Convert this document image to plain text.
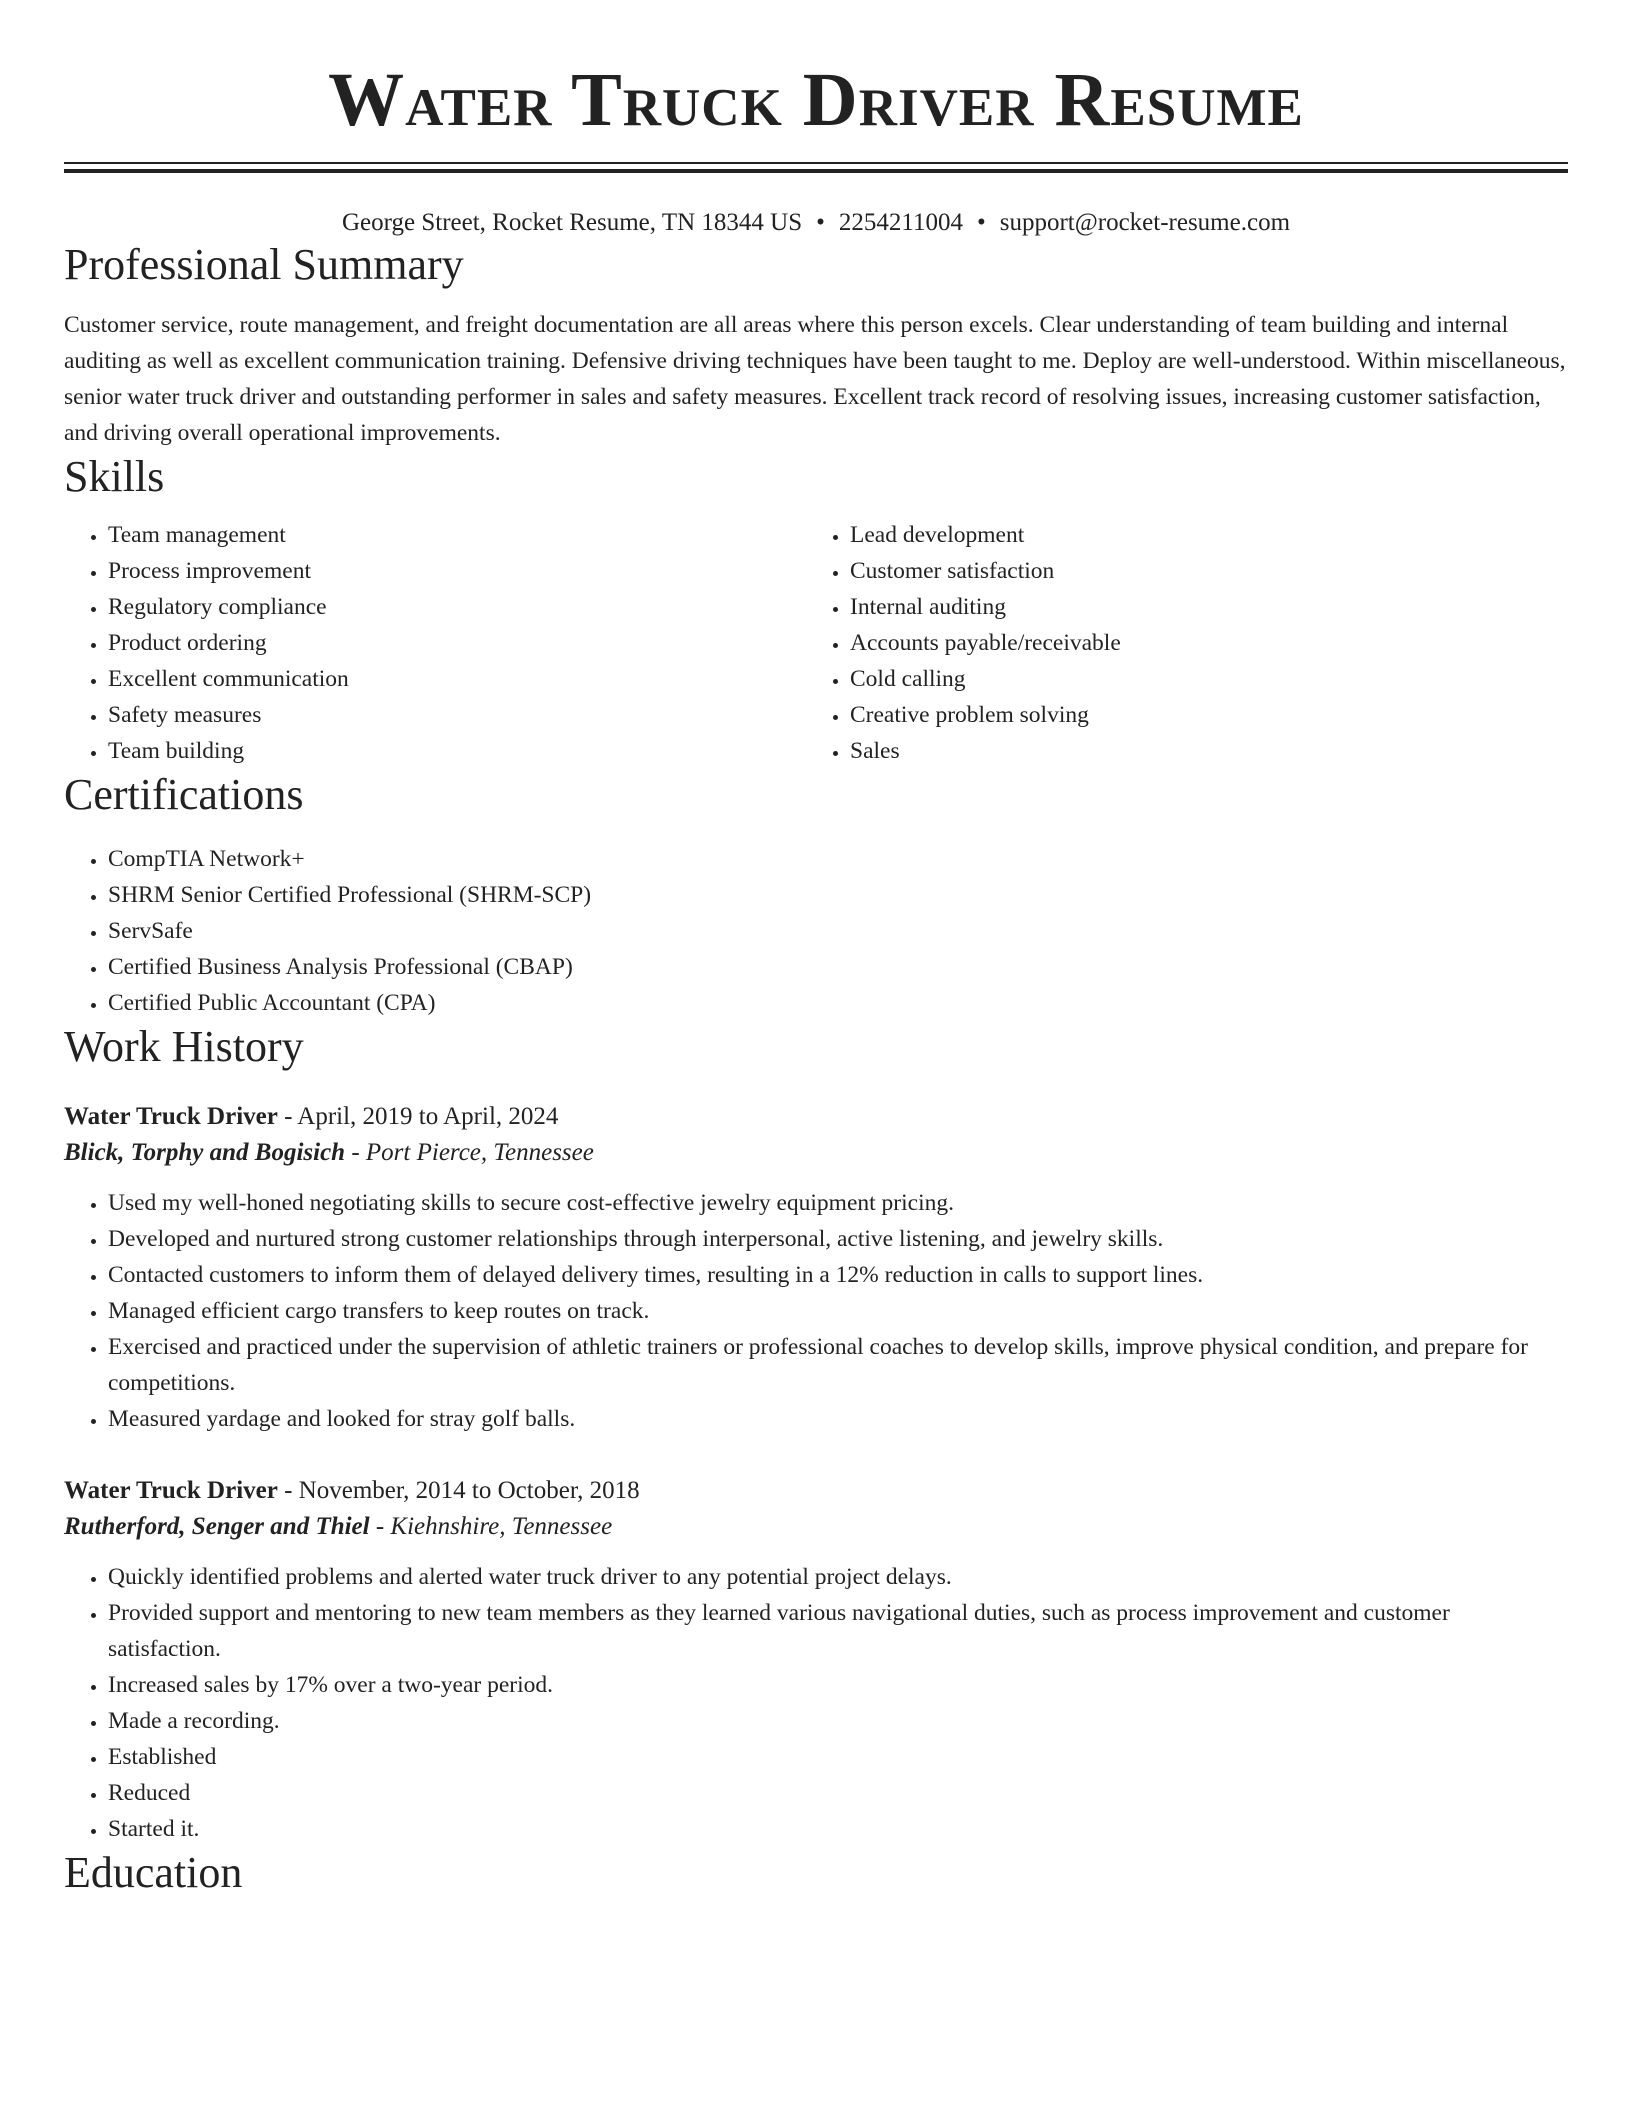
Water Truck Driver Resume
George Street, Rocket Resume, TN 18344 US • 2254211004 • support@rocket-resume.com
Professional Summary

Customer service, route management, and freight documentation are all areas where this person excels. Clear understanding of team building and internal auditing as well as excellent communication training. Defensive driving techniques have been taught to me. Deploy are well-understood. Within miscellaneous, senior water truck driver and outstanding performer in sales and safety measures. Excellent track record of resolving issues, increasing customer satisfaction, and driving overall operational improvements.

Skills
• Team management
• Process improvement
• Regulatory compliance
• Product ordering
• Excellent communication
• Safety measures
• Team building
• Lead development
• Customer satisfaction
• Internal auditing
• Accounts payable/receivable
• Cold calling
• Creative problem solving
• Sales
Certifications
• CompTIA Network+
• SHRM Senior Certified Professional (SHRM-SCP)
• ServSafe
• Certified Business Analysis Professional (CBAP)
• Certified Public Accountant (CPA)
Work History
Water Truck Driver - April, 2019 to April, 2024
Blick, Torphy and Bogisich - Port Pierce, Tennessee
• Used my well-honed negotiating skills to secure cost-effective jewelry equipment pricing.
• Developed and nurtured strong customer relationships through interpersonal, active listening, and jewelry skills.
• Contacted customers to inform them of delayed delivery times, resulting in a 12% reduction in calls to support lines.
• Managed efficient cargo transfers to keep routes on track.
• Exercised and practiced under the supervision of athletic trainers or professional coaches to develop skills, improve physical condition, and prepare for competitions.
• Measured yardage and looked for stray golf balls.
Water Truck Driver - November, 2014 to October, 2018
Rutherford, Senger and Thiel - Kiehnshire, Tennessee
• Quickly identified problems and alerted water truck driver to any potential project delays.
• Provided support and mentoring to new team members as they learned various navigational duties, such as process improvement and customer satisfaction.
• Increased sales by 17% over a two-year period.
• Made a recording.
• Established
• Reduced
• Started it.
Education
